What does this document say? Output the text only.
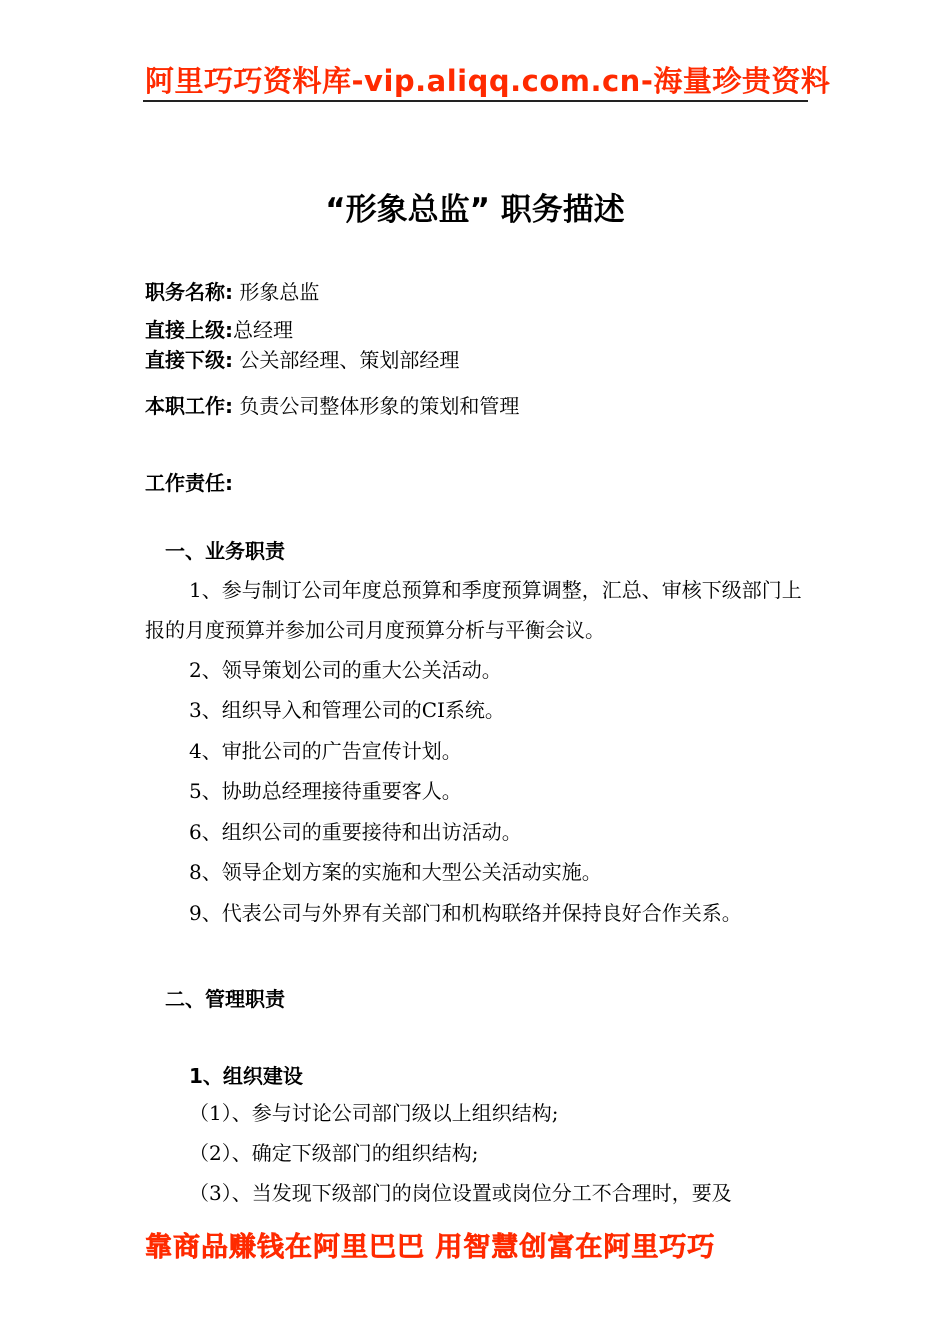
阿里巧巧资料库-vip.aliqq.com.cn-海量珍贵资料
“形象总监” 职务描述
职务名称: 形象总监
直接上级:总经理
直接下级: 公关部经理、策划部经理
本职工作: 负责公司整体形象的策划和管理
工作责任:
一、业务职责
1、参与制订公司年度总预算和季度预算调整，汇总、审核下级部门上报的月度预算并参加公司月度预算分析与平衡会议。
2、领导策划公司的重大公关活动。
3、组织导入和管理公司的CI系统。
4、审批公司的广告宣传计划。
5、协助总经理接待重要客人。
6、组织公司的重要接待和出访活动。
8、领导企划方案的实施和大型公关活动实施。
9、代表公司与外界有关部门和机构联络并保持良好合作关系。
二、管理职责
1、组织建设
（1）、参与讨论公司部门级以上组织结构;
（2）、确定下级部门的组织结构;
（3）、当发现下级部门的岗位设置或岗位分工不合理时，要及
靠商品赚钱在阿里巴巴 用智慧创富在阿里巧巧
